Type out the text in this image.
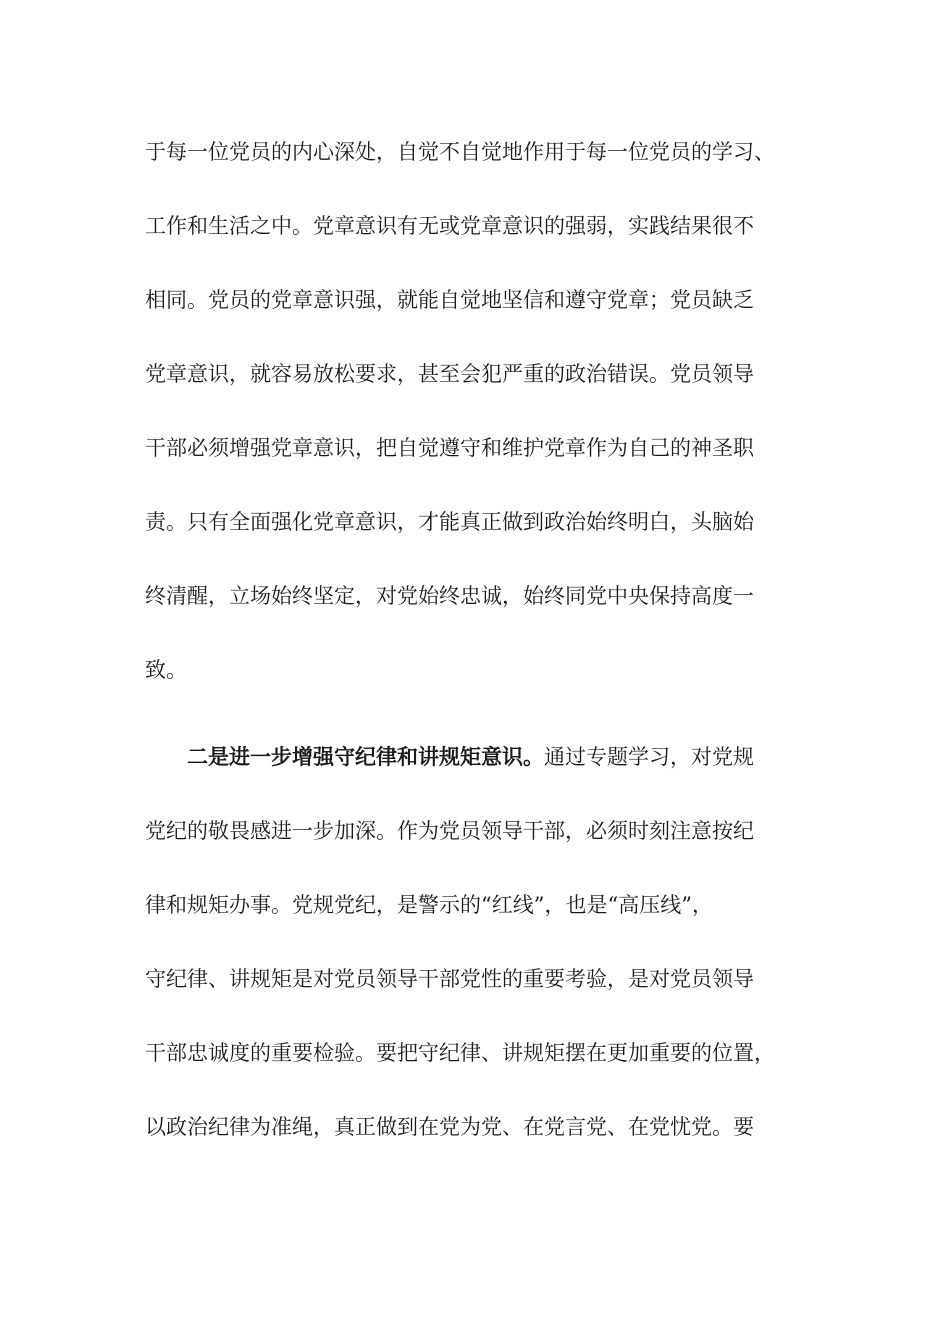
于每一位党员的内心深处，自觉不自觉地作用于每一位党员的学习、
工作和生活之中。党章意识有无或党章意识的强弱，实践结果很不
相同。党员的党章意识强，就能自觉地坚信和遵守党章；党员缺乏
党章意识，就容易放松要求，甚至会犯严重的政治错误。党员领导
干部必须增强党章意识，把自觉遵守和维护党章作为自己的神圣职
责。只有全面强化党章意识，才能真正做到政治始终明白，头脑始
终清醒，立场始终坚定，对党始终忠诚，始终同党中央保持高度一
致。
二是进一步增强守纪律和讲规矩意识。通过专题学习，对党规
党纪的敬畏感进一步加深。作为党员领导干部，必须时刻注意按纪
律和规矩办事。党规党纪，是警示的“红线”，也是“高压线”，
守纪律、讲规矩是对党员领导干部党性的重要考验，是对党员领导
干部忠诚度的重要检验。要把守纪律、讲规矩摆在更加重要的位置，
以政治纪律为准绳，真正做到在党为党、在党言党、在党忧党。要
